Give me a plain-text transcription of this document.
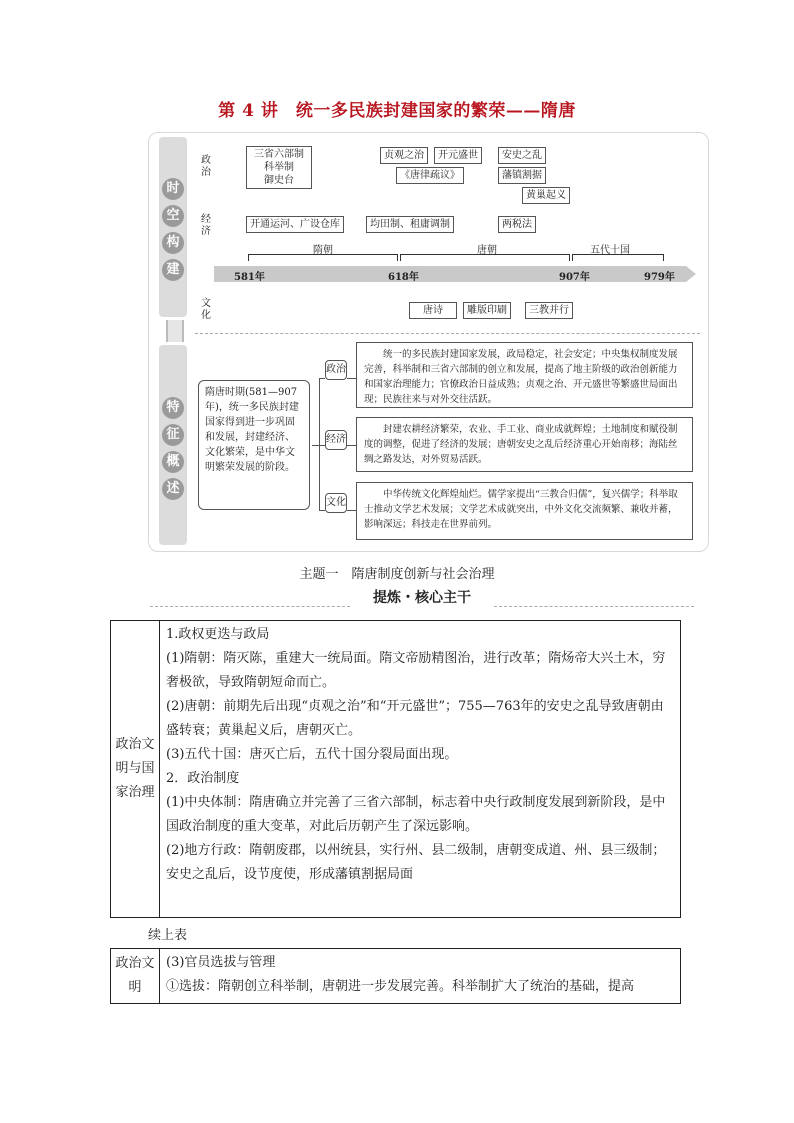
第 4 讲　统一多民族封建国家的繁荣——隋唐
时
空
构
建
特
征
概
述
政治
经济
文化
三省六部制
科举制
御史台
贞观之治	开元盛世
《唐律疏议》
安史之乱
藩镇割据
黄巢起义
开通运河、广设仓库	均田制、租庸调制	两税法
隋朝	唐朝	五代十国
581年	618年	907年	979年
唐诗	雕版印刷	三教并行
隋唐时期(581—907年)，统一多民族封建国家得到进一步巩固和发展，封建经济、文化繁荣，是中华文明繁荣发展的阶段。
政治
经济
文化
统一的多民族封建国家发展，政局稳定，社会安定；中央集权制度发展完善，科举制和三省六部制的创立和发展，提高了地主阶级的政治创新能力和国家治理能力；官僚政治日益成熟；贞观之治、开元盛世等繁盛世局面出现；民族往来与对外交往活跃。
封建农耕经济繁荣，农业、手工业、商业成就辉煌；土地制度和赋役制度的调整，促进了经济的发展；唐朝安史之乱后经济重心开始南移；海陆丝绸之路发达，对外贸易活跃。
中华传统文化辉煌灿烂。儒学家提出“三教合归儒”，复兴儒学；科举取士推动文学艺术发展；文学艺术成就突出，中外文化交流频繁、兼收并蓄，影响深远；科技走在世界前列。
主题一　隋唐制度创新与社会治理
提炼・核心主干
政治文明与国家治理	

1.政权更迭与政局

(1)隋朝：隋灭陈，重建大一统局面。隋文帝励精图治，进行改革；隋炀帝大兴土木，穷奢极欲，导致隋朝短命而亡。

(2)唐朝：前期先后出现“贞观之治”和“开元盛世”；755—763年的安史之乱导致唐朝由盛转衰；黄巢起义后，唐朝灭亡。

(3)五代十国：唐灭亡后，五代十国分裂局面出现。

2．政治制度

(1)中央体制：隋唐确立并完善了三省六部制，标志着中央行政制度发展到新阶段，是中国政治制度的重大变革，对此后历朝产生了深远影响。

(2)地方行政：隋朝废郡，以州统县，实行州、县二级制，唐朝变成道、州、县三级制；安史之乱后，设节度使，形成藩镇割据局面

续上表
政治文明	

(3)官员选拔与管理

①选拔：隋朝创立科举制，唐朝进一步发展完善。科举制扩大了统治的基础，提高
